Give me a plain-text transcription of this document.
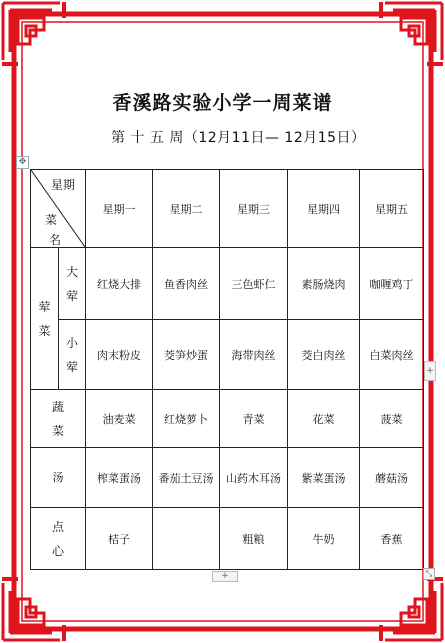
香溪路实验小学一周菜谱
第 十 五 周（12月11日— 12月15日）
✥
星期
菜
名		星期一	星期二	星期三	星期四	星期五
荤菜	大荤	红烧大排	鱼香肉丝	三色虾仁	素肠烧肉	咖喱鸡丁
	小荤	肉末粉皮	茭笋炒蛋	海带肉丝	茭白肉丝	白菜肉丝
蔬菜		油麦菜	红烧萝卜	青菜	花菜	菠菜
汤		榨菜蛋汤	番茄土豆汤	山药木耳汤	紫菜蛋汤	蘑菇汤
点心		桔子		粗粮	牛奶	香蕉
+
+	⤡
